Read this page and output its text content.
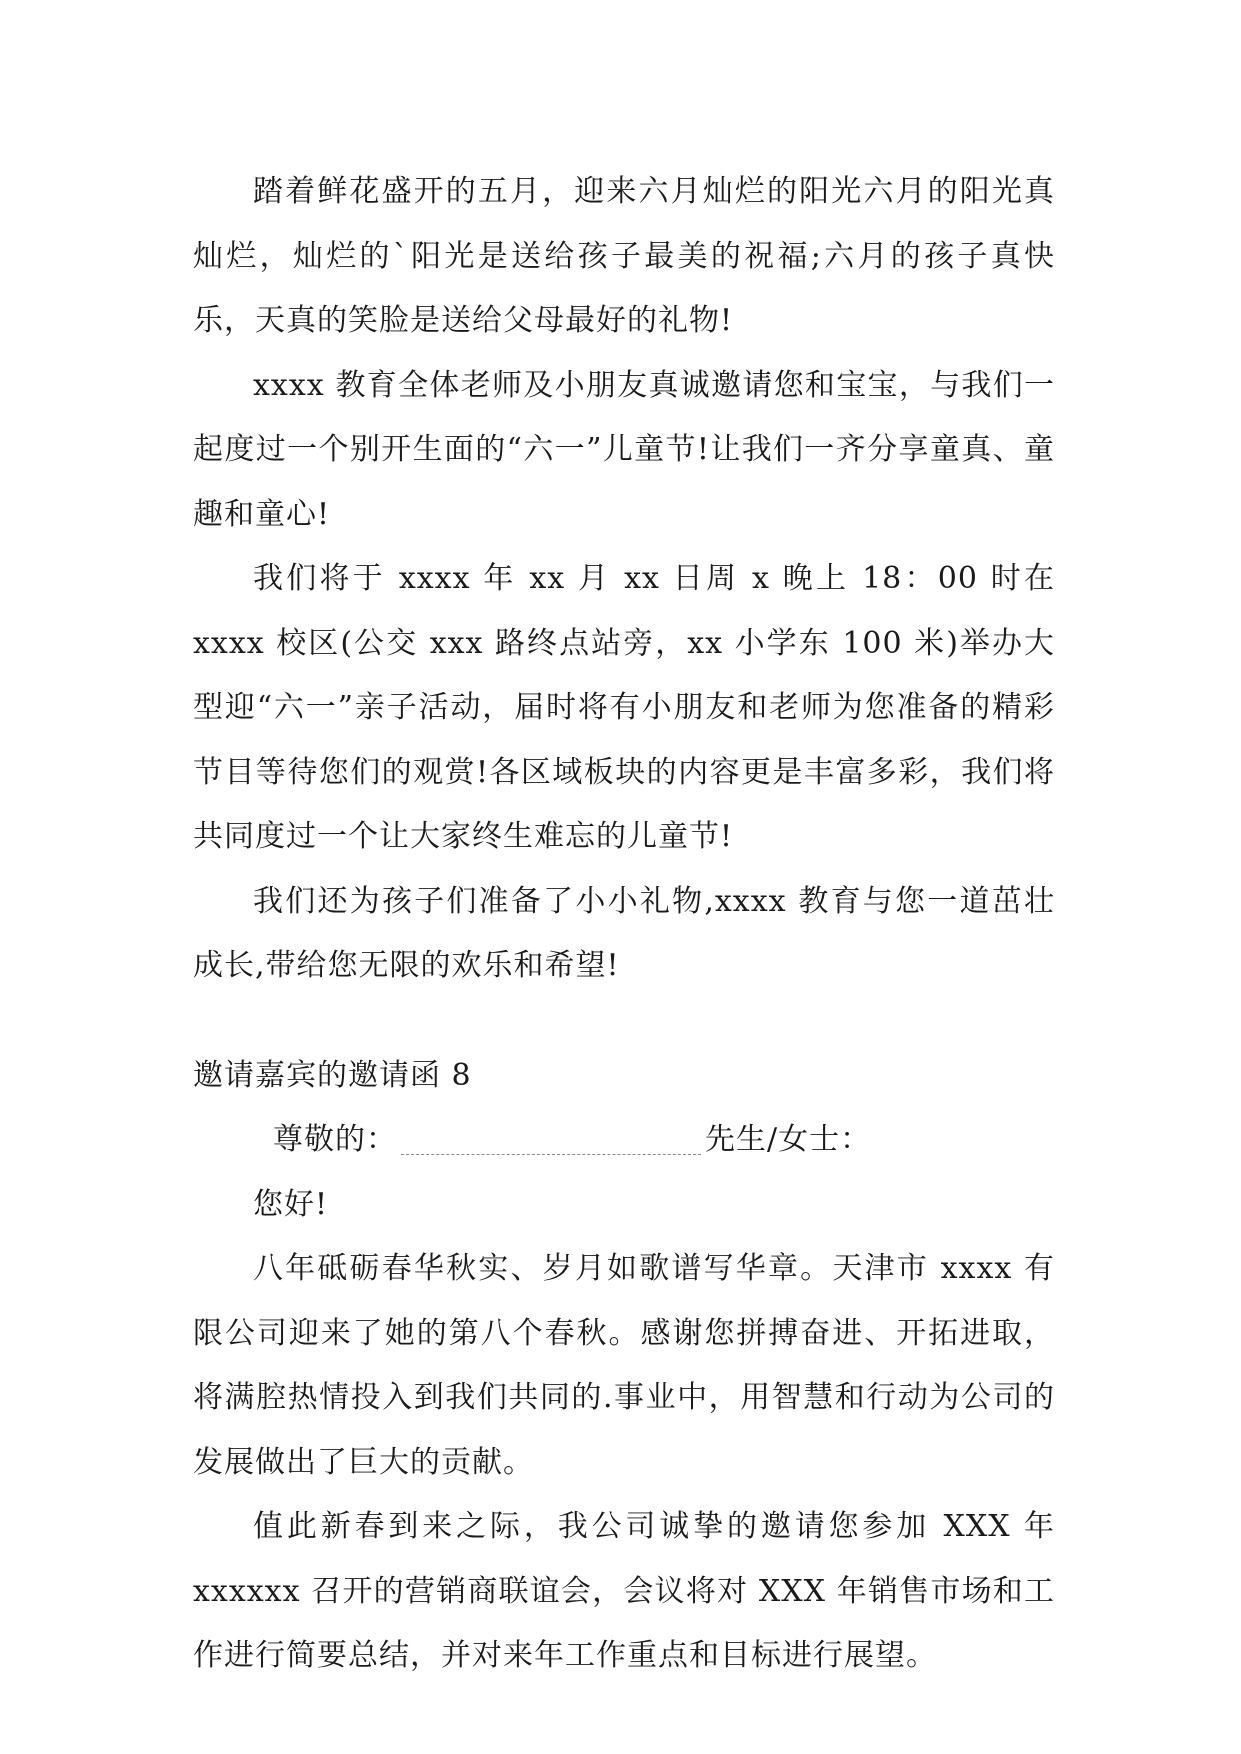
踏着鲜花盛开的五月，迎来六月灿烂的阳光六月的阳光真灿烂，灿烂的`阳光是送给孩子最美的祝福;六月的孩子真快乐，天真的笑脸是送给父母最好的礼物!

xxxx 教育全体老师及小朋友真诚邀请您和宝宝，与我们一起度过一个别开生面的“六一”儿童节!让我们一齐分享童真、童趣和童心!

我们将于 xxxx 年 xx 月 xx 日周 x 晚上 18：00 时在 xxxx 校区(公交 xxx 路终点站旁，xx 小学东 100 米)举办大型迎“六一”亲子活动，届时将有小朋友和老师为您准备的精彩节目等待您们的观赏!各区域板块的内容更是丰富多彩，我们将共同度过一个让大家终生难忘的儿童节!

我们还为孩子们准备了小小礼物,xxxx 教育与您一道茁壮成长,带给您无限的欢乐和希望!

邀请嘉宾的邀请函 8

尊敬的：	先生/女士：

您好!

八年砥砺春华秋实、岁月如歌谱写华章。天津市 xxxx 有限公司迎来了她的第八个春秋。感谢您拼搏奋进、开拓进取，将满腔热情投入到我们共同的.事业中，用智慧和行动为公司的发展做出了巨大的贡献。

值此新春到来之际，我公司诚挚的邀请您参加 XXX 年 xxxxxx 召开的营销商联谊会，会议将对 XXX 年销售市场和工作进行简要总结，并对来年工作重点和目标进行展望。
